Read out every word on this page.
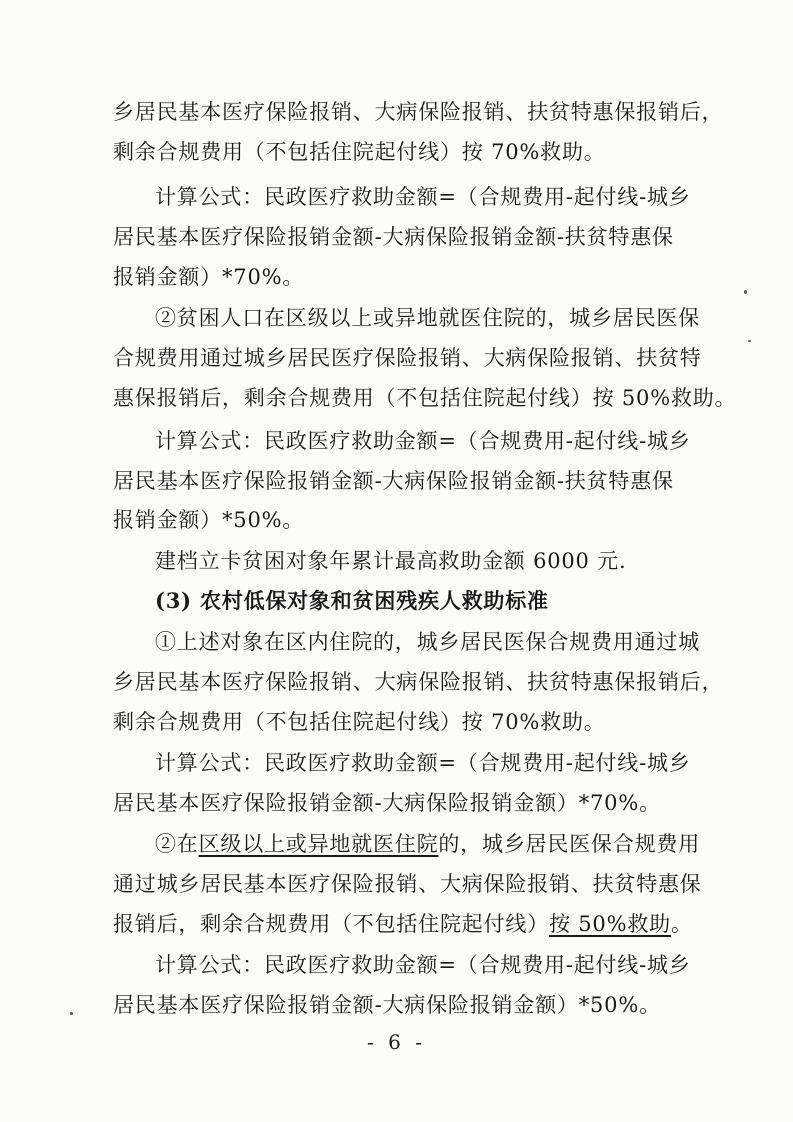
乡居民基本医疗保险报销、大病保险报销、扶贫特惠保报销后，
剩余合规费用（不包括住院起付线）按 70%救助。
计算公式：民政医疗救助金额=（合规费用-起付线-城乡
居民基本医疗保险报销金额-大病保险报销金额-扶贫特惠保
报销金额）*70%。
②贫困人口在区级以上或异地就医住院的，城乡居民医保
合规费用通过城乡居民医疗保险报销、大病保险报销、扶贫特
惠保报销后，剩余合规费用（不包括住院起付线）按 50%救助。
计算公式：民政医疗救助金额=（合规费用-起付线-城乡
居民基本医疗保险报销金额-大病保险报销金额-扶贫特惠保
报销金额）*50%。
建档立卡贫困对象年累计最高救助金额 6000 元.
(3) 农村低保对象和贫困残疾人救助标准
①上述对象在区内住院的，城乡居民医保合规费用通过城
乡居民基本医疗保险报销、大病保险报销、扶贫特惠保报销后，
剩余合规费用（不包括住院起付线）按 70%救助。
计算公式：民政医疗救助金额=（合规费用-起付线-城乡
居民基本医疗保险报销金额-大病保险报销金额）*70%。
②在区级以上或异地就医住院的，城乡居民医保合规费用
通过城乡居民基本医疗保险报销、大病保险报销、扶贫特惠保
报销后，剩余合规费用（不包括住院起付线）按 50%救助。
计算公式：民政医疗救助金额=（合规费用-起付线-城乡
居民基本医疗保险报销金额-大病保险报销金额）*50%。
- 6 -
